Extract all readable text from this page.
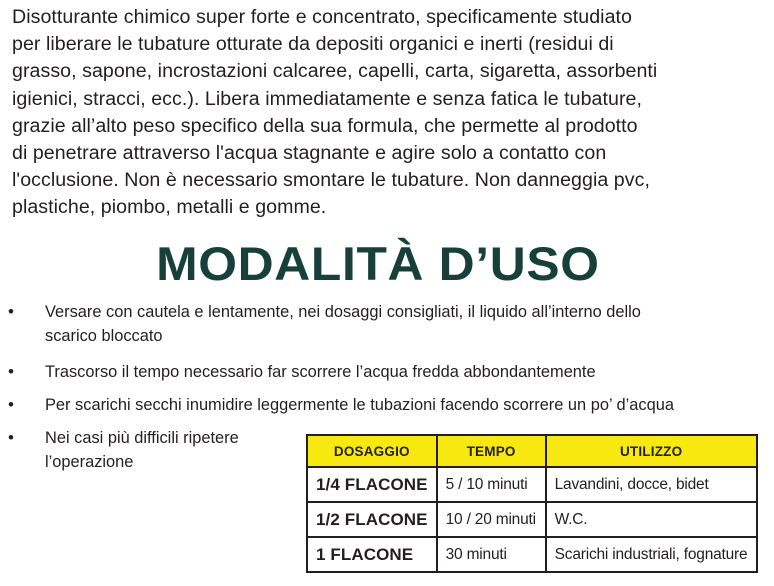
Disotturante chimico super forte e concentrato, specificamente studiato
per liberare le tubature otturate da depositi organici e inerti (residui di
grasso, sapone, incrostazioni calcaree, capelli, carta, sigaretta, assorbenti
igienici, stracci, ecc.). Libera immediatamente e senza fatica le tubature,
grazie all’alto peso specifico della sua formula, che permette al prodotto
di penetrare attraverso l'acqua stagnante e agire solo a contatto con
l'occlusione. Non è necessario smontare le tubature. Non danneggia pvc,
plastiche, piombo, metalli e gomme.

MODALITÀ D’USO
•	Versare con cautela e lentamente, nei dosaggi consigliati, il liquido all’interno dello
scarico bloccato
•	Trascorso il tempo necessario far scorrere l’acqua fredda abbondantemente
•	Per scarichi secchi inumidire leggermente le tubazioni facendo scorrere un po’ d’acqua
•	Nei casi più difficili ripetere
l’operazione
DOSAGGIO	TEMPO	UTILIZZO
1/4 FLACONE	5 / 10 minuti	Lavandini, docce, bidet
1/2 FLACONE	10 / 20 minuti	W.C.
1 FLACONE	30 minuti	Scarichi industriali, fognature
